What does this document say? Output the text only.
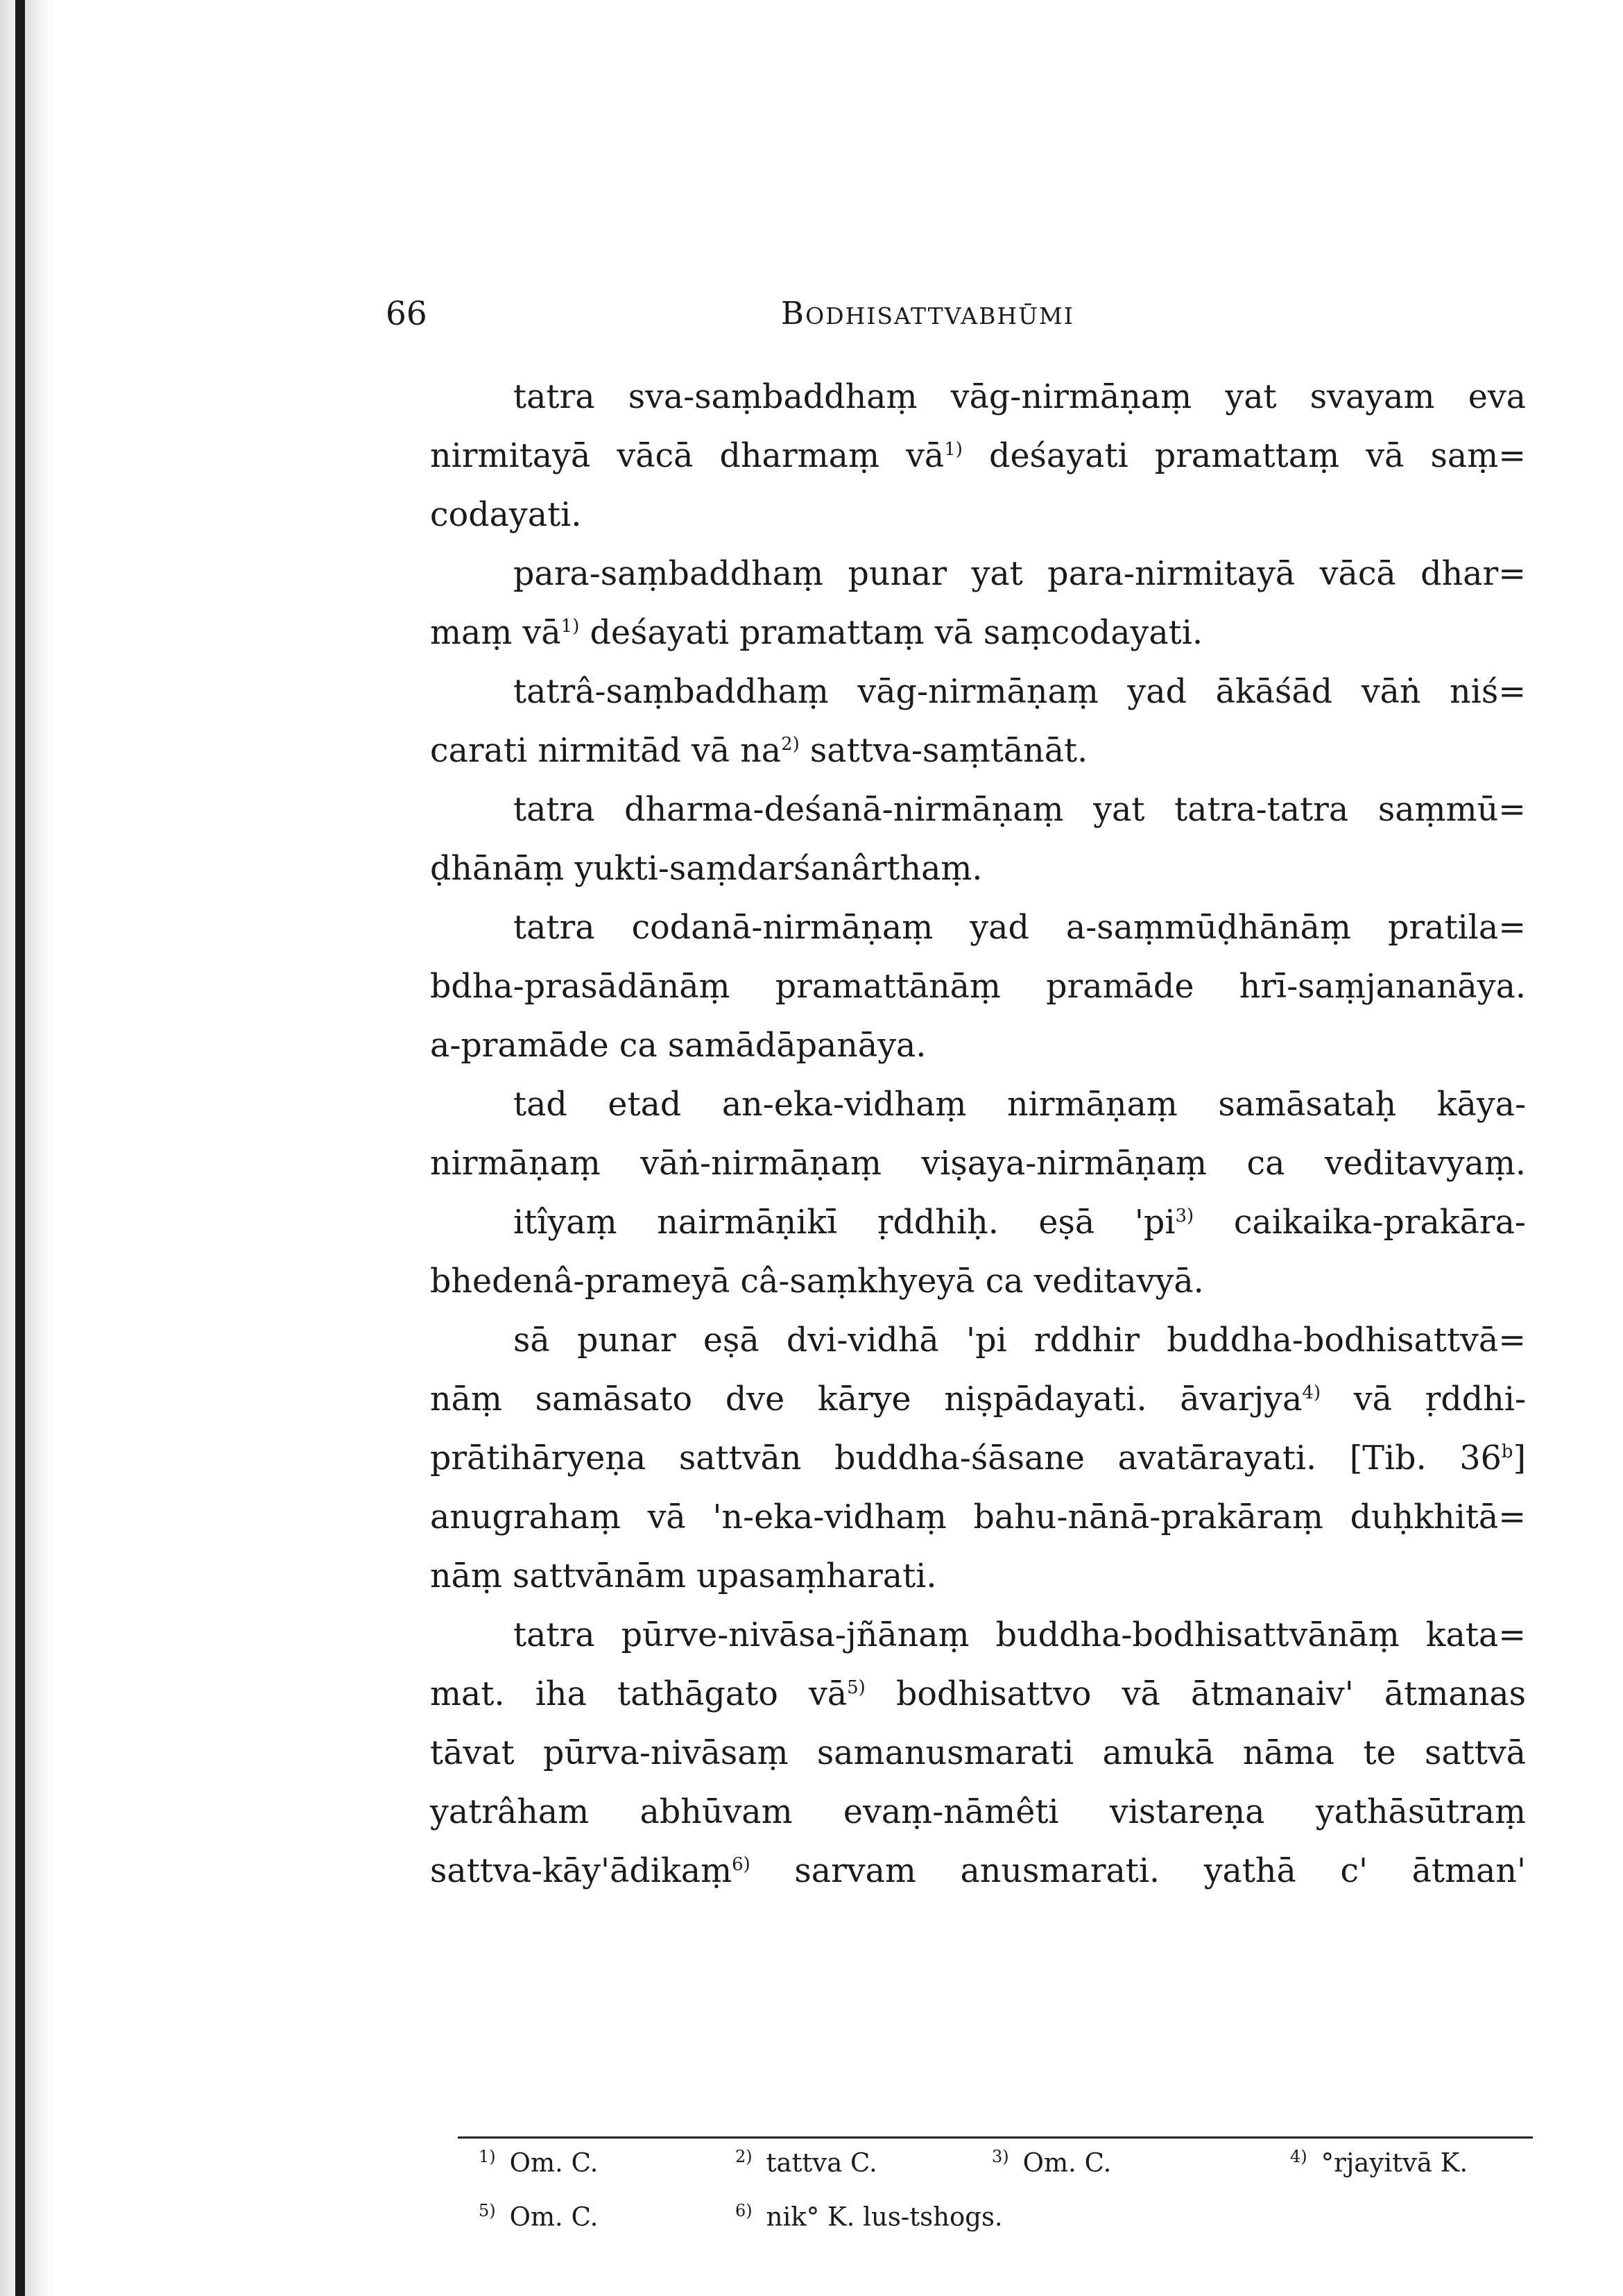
66	BODHISATTVABHŪMI
tatra sva-saṃbaddhaṃ vāg-nirmāṇaṃ yat svayam eva
nirmitayā vācā dharmaṃ $vā^{1)}$ deśayati pramattaṃ vā saṃ=
codayati.
para-saṃbaddhaṃ punar yat para-nirmitayā vācā dhar=
maṃ $vā^{1)}$ deśayati pramattaṃ vā saṃcodayati.
tatrâ-saṃbaddhaṃ vāg-nirmāṇaṃ yad ākāśād vāṅ niś=
carati nirmitād vā $na^{2)}$ sattva-saṃtānāt.
tatra dharma-deśanā-nirmāṇaṃ yat tatra-tatra saṃmū=
ḍhānāṃ yukti-saṃdarśanârthaṃ.
tatra codanā-nirmāṇaṃ yad a-saṃmūḍhānāṃ pratila=
bdha-prasādānāṃ pramattānāṃ pramāde hrī-saṃjananāya.
a-pramāde ca samādāpanāya.
tad etad an-eka-vidhaṃ nirmāṇaṃ samāsataḥ kāya-
nirmāṇaṃ vāṅ-nirmāṇaṃ viṣaya-nirmāṇaṃ ca veditavyaṃ.
itîyaṃ nairmāṇikī ṛddhiḥ. eṣā '$pi^{3)}$ caikaika-prakāra-
bhedenâ-prameyā câ-saṃkhyeyā ca veditavyā.
sā punar eṣā dvi-vidhā 'pi rddhir buddha-bodhisattvā=
nāṃ samāsato dve kārye niṣpādayati. āvarjya$^{4)}$ vā ṛddhi-
prātihāryeṇa sattvān buddha-śāsane avatārayati. [Tib. 36$^b$]
anugrahaṃ vā 'n-eka-vidhaṃ bahu-nānā-prakāraṃ duḥkhitā=
nāṃ sattvānām upasaṃharati.
tatra pūrve-nivāsa-jñānaṃ buddha-bodhisattvānāṃ kata=
mat. iha tathāgato $vā^{5)}$ bodhisattvo vā ātmanaiv' ātmanas
tāvat pūrva-nivāsaṃ samanusmarati amukā nāma te sattvā
yatrâham abhūvam evaṃ-nāmêti vistareṇa yathāsūtraṃ
sattva-kāy'ādikaṃ$^{6)}$ sarvam anusmarati. yathā c' ātman'
$^{1)}$ Om. C.	$^{2)}$ tattva C.	$^{3)}$ Om. C.	$^{4)}$ °rjayitvā K.
$^{5)}$ Om. C.	$^{6)}$ nik° K. lus-tshogs.
